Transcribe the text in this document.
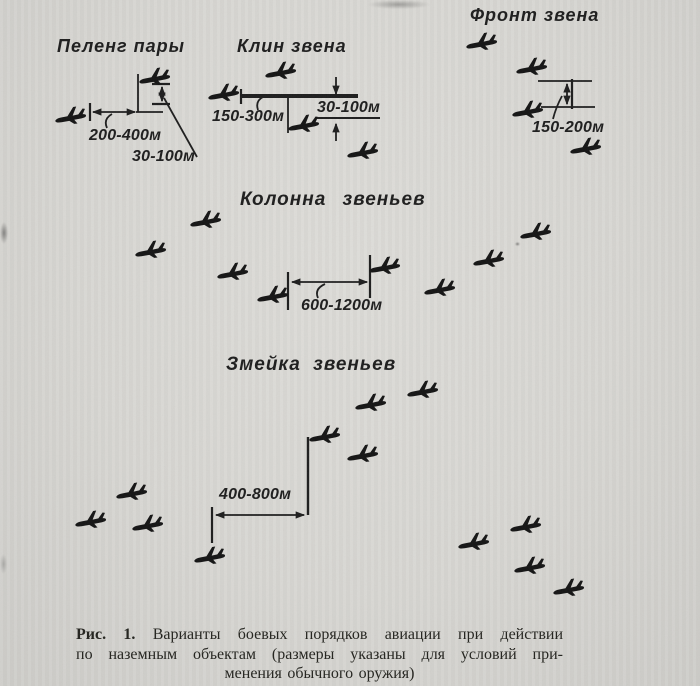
Пеленг пары
200-400м
30-100м
Клин звена
150-300м
30-100м
Фронт звена
150-200м
Колонна звеньев
600-1200м
Змейка звеньев
400-800м
Рис. 1. Варианты боевых порядков авиации при действии
по наземным объектам (размеры указаны для условий при-
менения обычного оружия)
